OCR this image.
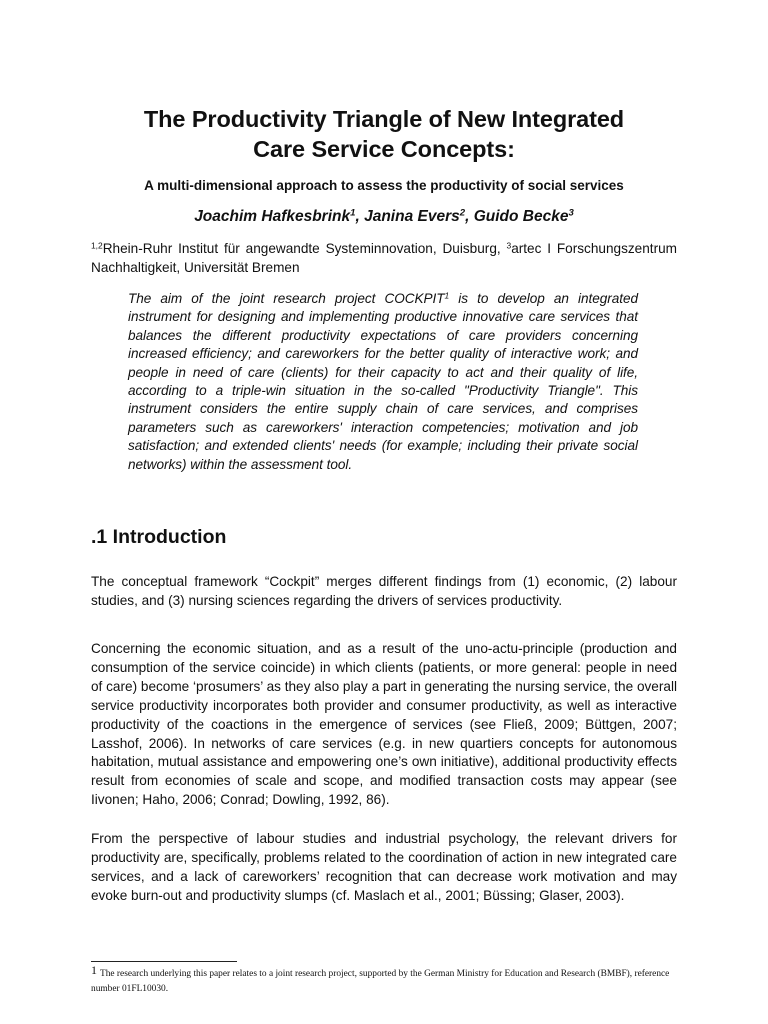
The Productivity Triangle of New Integrated
Care Service Concepts:
A multi-dimensional approach to assess the productivity of social services
Joachim Hafkesbrink$^1$, Janina Evers$^2$, Guido Becke$^3$
$^{1,2}$Rhein-Ruhr Institut für angewandte Systeminnovation, Duisburg, $^3$artec I Forschungszentrum Nachhaltigkeit, Universität Bremen
The aim of the joint research project COCKPIT$^1$ is to develop an integrated instrument for designing and implementing productive innovative care services that balances the different productivity expectations of care providers concerning increased efficiency; and careworkers for the better quality of interactive work; and people in need of care (clients) for their capacity to act and their quality of life, according to a triple-win situation in the so-called "Productivity Triangle". This instrument considers the entire supply chain of care services, and comprises parameters such as careworkers' interaction competencies; motivation and job satisfaction; and extended clients' needs (for example; including their private social networks) within the assessment tool.
.1 Introduction
The conceptual framework “Cockpit” merges different findings from (1) economic, (2) labour studies, and (3) nursing sciences regarding the drivers of services productivity.
Concerning the economic situation, and as a result of the uno-actu-principle (production and consumption of the service coincide) in which clients (patients, or more general: people in need of care) become ‘prosumers’ as they also play a part in generating the nursing service, the overall service productivity incorporates both provider and consumer productivity, as well as interactive productivity of the coactions in the emergence of services (see Fließ, 2009; Büttgen, 2007; Lasshof, 2006). In networks of care services (e.g. in new quartiers concepts for autonomous habitation, mutual assistance and empowering one’s own initiative), additional productivity effects result from economies of scale and scope, and modified transaction costs may appear (see Iivonen; Haho, 2006; Conrad; Dowling, 1992, 86).
From the perspective of labour studies and industrial psychology, the relevant drivers for productivity are, specifically, problems related to the coordination of action in new integrated care services, and a lack of careworkers’ recognition that can decrease work motivation and may evoke burn-out and productivity slumps (cf. Maslach et al., 2001; Büssing; Glaser, 2003).
1 The research underlying this paper relates to a joint research project, supported by the German Ministry for Education and Research (BMBF), reference number 01FL10030.
